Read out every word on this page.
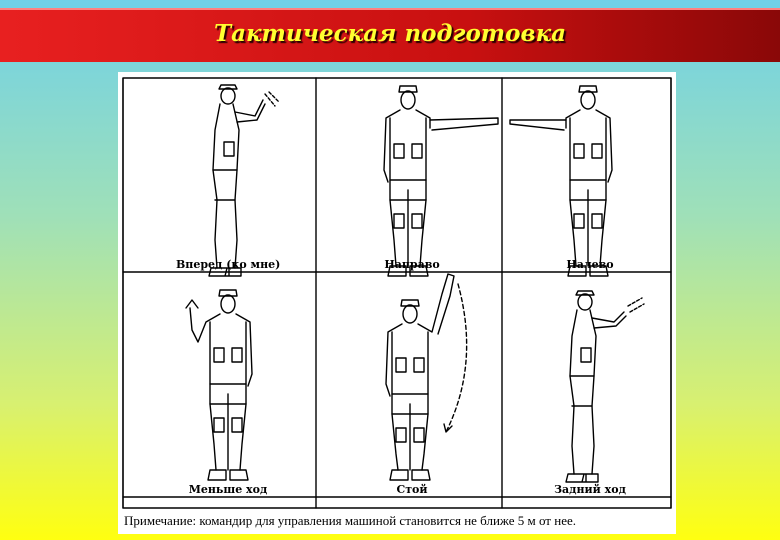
Тактическая подготовка
Вперед (ко мне)	Направо	Налево
Меньше ход	Стой	Задний ход
Примечание: командир для управления машиной становится не ближе 5 м от нее.
